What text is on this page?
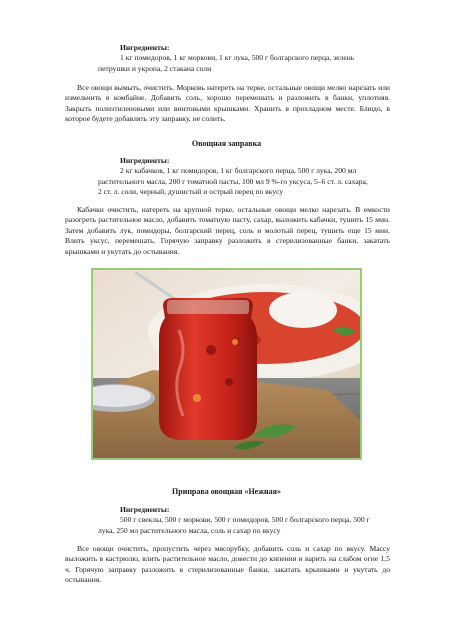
Ингредиенты:
1 кг помидоров, 1 кг моркови, 1 кг лука, 500 г болгарского перца, зелень
петрушки и укропа, 2 стакана соли

Все овощи вымыть, очистить. Морковь натереть на терке, остальные овощи мелко нарезать или измельчить в комбайне. Добавить соль, хорошо перемешать и разложить в банки, уплотняя. Закрыть полиэтиленовыми или винтовыми крышками. Хранить в прохладном месте. Блюдо, в которое будете добавлять эту заправку, не солить.

Овощная заправка

Ингредиенты:
2 кг кабачков, 1 кг помидоров, 1 кг болгарского перца, 500 г лука, 200 мл
растительного масла, 200 г томатной пасты, 100 мл 9 %-го уксуса, 5–6 ст. л. сахара,
2 ст. л. соли, черный, душистый и острый перец по вкусу

Кабачки очистить, натереть на крупной терке, остальные овощи мелко нарезать. В емкости разогреть растительное масло, добавить томатную пасту, сахар, выложить кабачки, тушить 15 мин. Затем добавить лук, помидоры, болгарский перец, соль и молотый перец, тушить еще 15 мин. Влить уксус, перемешать. Горячую заправку разложить в стерилизованные банки, закатать крышками и укутать до остывания.

Приправа овощная «Нежная»

Ингредиенты:
500 г свеклы, 500 г моркови, 500 г помидоров, 500 г болгарского перца, 500 г
лука, 250 мл растительного масла, соль и сахар по вкусу

Все овощи очистить, пропустить через мясорубку, добавить соль и сахар по вкусу. Массу выложить в кастрюлю, влить растительное масло, довести до кипения и варить на слабом огне 1,5 ч. Горячую заправку разложить в стерилизованные банки, закатать крышками и укутать до остывания.
